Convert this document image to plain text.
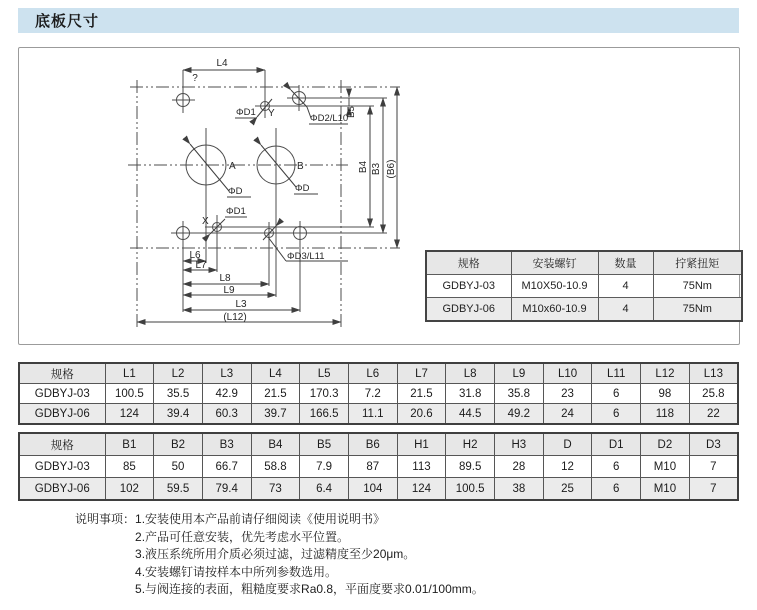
底板尺寸
L4
?
ΦD1 Y	ΦD2/L10
B5
A	B
ΦD	ΦD
B4 B3 (B6)
X
ΦD1
ΦD3/L11
L6
L7
L8
L9
L3
(L12)
规格	安装螺钉	数量	拧紧扭矩
GDBYJ-03	M10X50-10.9	4	75Nm
GDBYJ-06	M10x60-10.9	4	75Nm
规格	L1	L2	L3	L4	L5	L6	L7	L8	L9	L10	L11	L12	L13
GDBYJ-03	100.5	35.5	42.9	21.5	170.3	7.2	21.5	31.8	35.8	23	6	98	25.8
GDBYJ-06	124	39.4	60.3	39.7	166.5	11.1	20.6	44.5	49.2	24	6	118	22
规格	B1	B2	B3	B4	B5	B6	H1	H2	H3	D	D1	D2	D3
GDBYJ-03	85	50	66.7	58.8	7.9	87	113	89.5	28	12	6	M10	7
GDBYJ-06	102	59.5	79.4	73	6.4	104	124	100.5	38	25	6	M10	7
说明事项： 1.安装使用本产品前请仔细阅读《使用说明书》
2.产品可任意安装，优先考虑水平位置。
3.液压系统所用介质必须过滤，过滤精度至少20μm。
4.安装螺钉请按样本中所列参数选用。
5.与阀连接的表面，粗糙度要求Ra0.8，平面度要求0.01/100mm。
